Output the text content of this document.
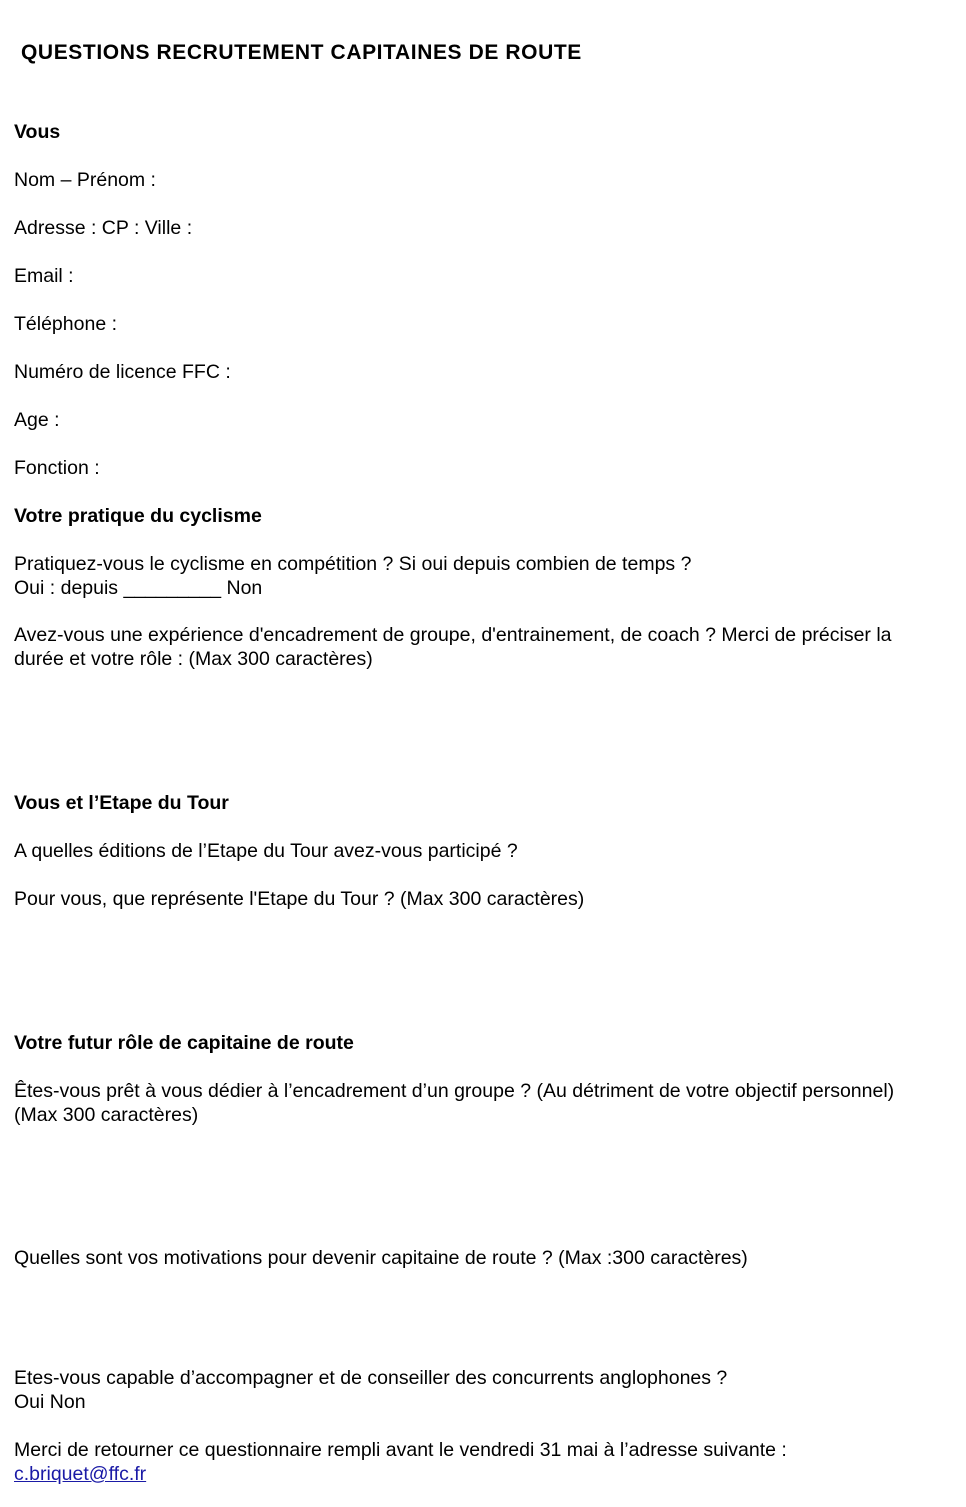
QUESTIONS RECRUTEMENT CAPITAINES DE ROUTE
Vous
Nom – Prénom :
Adresse : CP : Ville :
Email :
Téléphone :
Numéro de licence FFC :
Age :
Fonction :
Votre pratique du cyclisme
Pratiquez-vous le cyclisme en compétition ? Si oui depuis combien de temps ?
Oui : depuis _________ Non
Avez-vous une expérience d'encadrement de groupe, d'entrainement, de coach ? Merci de préciser la
durée et votre rôle : (Max 300 caractères)
Vous et l’Etape du Tour
A quelles éditions de l’Etape du Tour avez-vous participé ?
Pour vous, que représente l'Etape du Tour ? (Max 300 caractères)
Votre futur rôle de capitaine de route
Êtes-vous prêt à vous dédier à l’encadrement d’un groupe ? (Au détriment de votre objectif personnel)
(Max 300 caractères)
Quelles sont vos motivations pour devenir capitaine de route ? (Max :300 caractères)
Etes-vous capable d’accompagner et de conseiller des concurrents anglophones ?
Oui Non
Merci de retourner ce questionnaire rempli avant le vendredi 31 mai à l’adresse suivante :
c.briquet@ffc.fr
